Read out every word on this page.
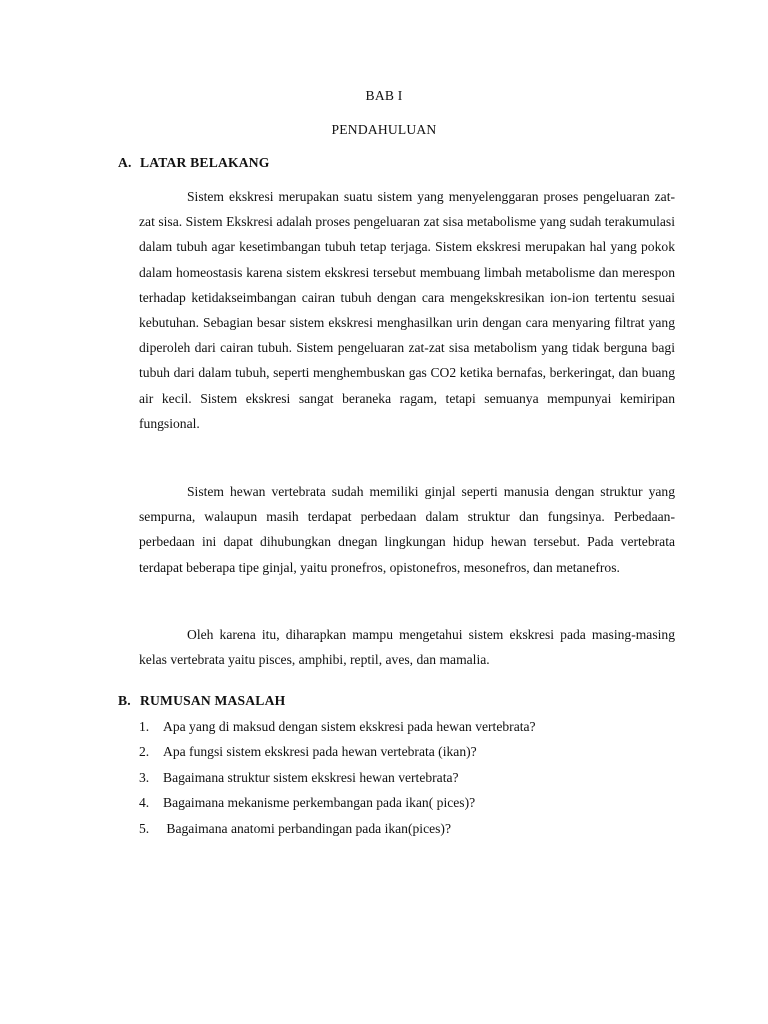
BAB I
PENDAHULUAN
A. LATAR BELAKANG

Sistem ekskresi merupakan suatu sistem yang menyelenggaran proses pengeluaran zat-zat sisa. Sistem Ekskresi adalah proses pengeluaran zat sisa metabolisme yang sudah terakumulasi dalam tubuh agar kesetimbangan tubuh tetap terjaga. Sistem ekskresi merupakan hal yang pokok dalam homeostasis karena sistem ekskresi tersebut membuang limbah metabolisme dan merespon terhadap ketidakseimbangan cairan tubuh dengan cara mengekskresikan ion-ion tertentu sesuai kebutuhan. Sebagian besar sistem ekskresi menghasilkan urin dengan cara menyaring filtrat yang diperoleh dari cairan tubuh. Sistem pengeluaran zat-zat sisa metabolism yang tidak berguna bagi tubuh dari dalam tubuh, seperti menghembuskan gas CO2 ketika bernafas, berkeringat, dan buang air kecil. Sistem ekskresi sangat beraneka ragam, tetapi semuanya mempunyai kemiripan fungsional.

Sistem hewan vertebrata sudah memiliki ginjal seperti manusia dengan struktur yang sempurna, walaupun masih terdapat perbedaan dalam struktur dan fungsinya. Perbedaan-perbedaan ini dapat dihubungkan dnegan lingkungan hidup hewan tersebut. Pada vertebrata terdapat beberapa tipe ginjal, yaitu pronefros, opistonefros, mesonefros, dan metanefros.

Oleh karena itu, diharapkan mampu mengetahui sistem ekskresi pada masing-masing kelas vertebrata yaitu pisces, amphibi, reptil, aves, dan mamalia.

B. RUMUSAN MASALAH
1. Apa yang di maksud dengan sistem ekskresi pada hewan vertebrata?
2. Apa fungsi sistem ekskresi pada hewan vertebrata (ikan)?
3. Bagaimana struktur sistem ekskresi hewan vertebrata?
4. Bagaimana mekanisme perkembangan pada ikan( pices)?
5. Bagaimana anatomi perbandingan pada ikan(pices)?
